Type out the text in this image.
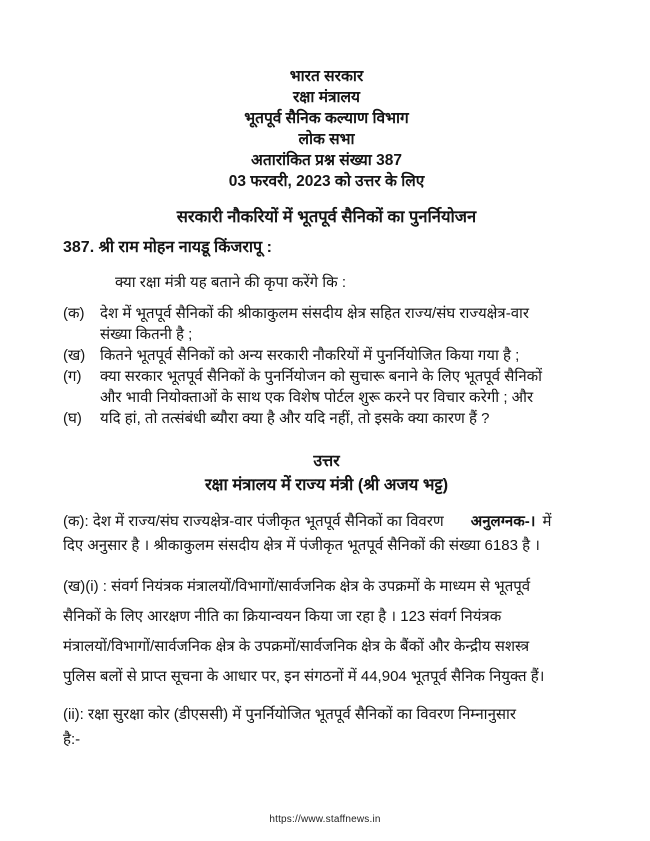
भारत सरकार
रक्षा मंत्रालय
भूतपूर्व सैनिक कल्याण विभाग
लोक सभा
अतारांकित प्रश्न संख्या 387
03 फरवरी, 2023 को उत्तर के लिए
सरकारी नौकरियों में भूतपूर्व सैनिकों का पुनर्नियोजन
387. श्री राम मोहन नायडू किंजरापू :
क्या रक्षा मंत्री यह बताने की कृपा करेंगे कि :
(क)	देश में भूतपूर्व सैनिकों की श्रीकाकुलम संसदीय क्षेत्र सहित राज्य/संघ राज्यक्षेत्र-वार
संख्या कितनी है ;
(ख) कितने भूतपूर्व सैनिकों को अन्य सरकारी नौकरियों में पुनर्नियोजित किया गया है ;
(ग)	क्या सरकार भूतपूर्व सैनिकों के पुनर्नियोजन को सुचारू बनाने के लिए भूतपूर्व सैनिकों
और भावी नियोक्ताओं के साथ एक विशेष पोर्टल शुरू करने पर विचार करेगी ; और
(घ)	यदि हां, तो तत्संबंधी ब्यौरा क्या है और यदि नहीं, तो इसके क्या कारण हैं ?
उत्तर
रक्षा मंत्रालय में राज्य मंत्री (श्री अजय भट्ट)
(क): देश में राज्य/संघ राज्यक्षेत्र-वार पंजीकृत भूतपूर्व सैनिकों का विवरण अनुलग्नक-। में
दिए अनुसार है । श्रीकाकुलम संसदीय क्षेत्र में पंजीकृत भूतपूर्व सैनिकों की संख्या 6183 है ।
(ख)(i) : संवर्ग नियंत्रक मंत्रालयों/विभागों/सार्वजनिक क्षेत्र के उपक्रमों के माध्यम से भूतपूर्व
सैनिकों के लिए आरक्षण नीति का क्रियान्वयन किया जा रहा है । 123 संवर्ग नियंत्रक
मंत्रालयों/विभागों/सार्वजनिक क्षेत्र के उपक्रमों/सार्वजनिक क्षेत्र के बैंकों और केन्द्रीय सशस्त्र
पुलिस बलों से प्राप्त सूचना के आधार पर, इन संगठनों में 44,904 भूतपूर्व सैनिक नियुक्त हैं।
(ii): रक्षा सुरक्षा कोर (डीएससी) में पुनर्नियोजित भूतपूर्व सैनिकों का विवरण निम्नानुसार
है:-
https://www.staffnews.in
